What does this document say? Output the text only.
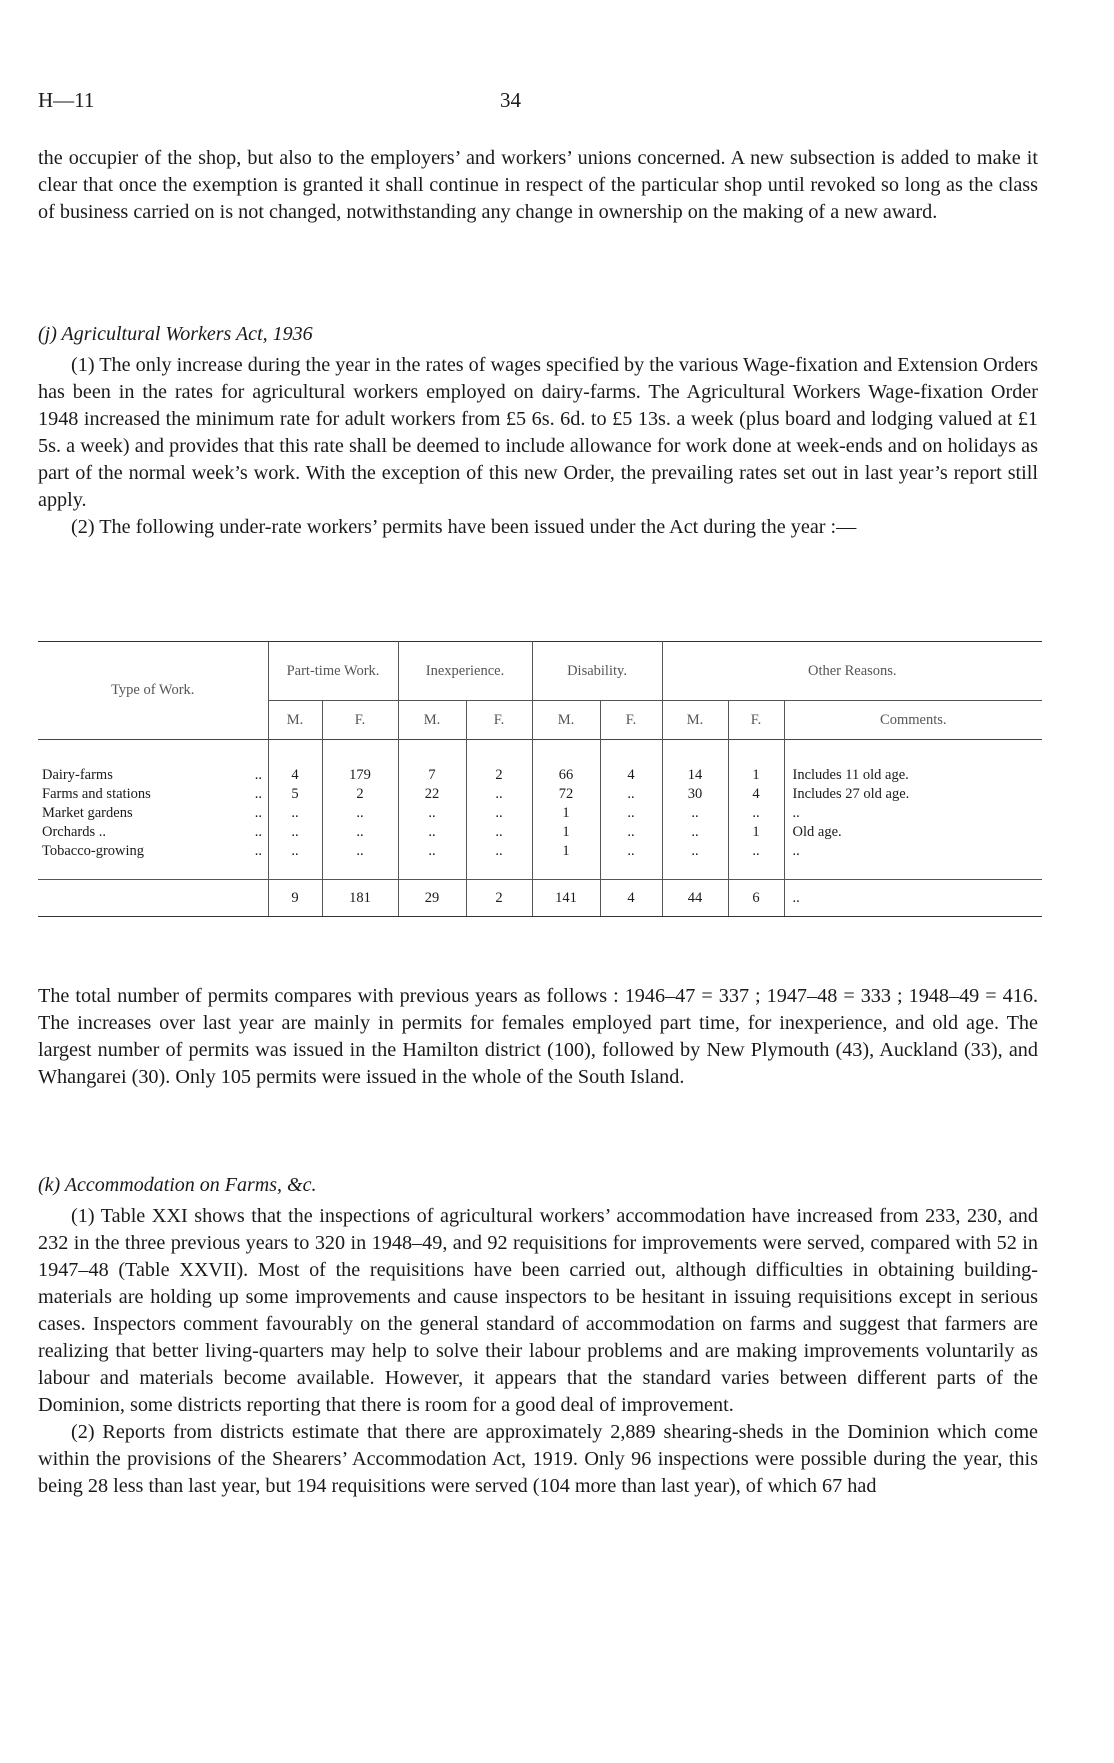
H—11	34

the occupier of the shop, but also to the employers’ and workers’ unions concerned. A new subsection is added to make it clear that once the exemption is granted it shall continue in respect of the particular shop until revoked so long as the class of business carried on is not changed, notwithstanding any change in ownership on the making of a new award.

(j) Agricultural Workers Act, 1936

(1) The only increase during the year in the rates of wages specified by the various Wage-fixation and Extension Orders has been in the rates for agricultural workers employed on dairy-farms. The Agricultural Workers Wage-fixation Order 1948 increased the minimum rate for adult workers from £5 6s. 6d. to £5 13s. a week (plus board and lodging valued at £1 5s. a week) and provides that this rate shall be deemed to include allowance for work done at week-ends and on holidays as part of the normal week’s work. With the exception of this new Order, the prevailing rates set out in last year’s report still apply.

(2) The following under-rate workers’ permits have been issued under the Act during the year :—

Type of Work.	Part-time Work.		Inexperience.		Disability.		Other Reasons.		
	M.	F.	M.	F.	M.	F.	M.	F.	Comments.

Dairy-farms ..	4	179	7	2	66	4	14	1	Includes 11 old age.
Farms and stations ..	5	2	22	..	72	..	30	4	Includes 27 old age.
Market gardens ..	..	..	..	..	1	..	..	..	..
Orchards .. ..	..	..	..	..	1	..	..	1	Old age.
Tobacco-growing ..	..	..	..	..	1	..	..	..	..

	9	181	29	2	141	4	44	6	..

The total number of permits compares with previous years as follows : 1946–47 = 337 ; 1947–48 = 333 ; 1948–49 = 416. The increases over last year are mainly in permits for females employed part time, for inexperience, and old age. The largest number of permits was issued in the Hamilton district (100), followed by New Plymouth (43), Auckland (33), and Whangarei (30). Only 105 permits were issued in the whole of the South Island.

(k) Accommodation on Farms, &c.

(1) Table XXI shows that the inspections of agricultural workers’ accommodation have increased from 233, 230, and 232 in the three previous years to 320 in 1948–49, and 92 requisitions for improvements were served, compared with 52 in 1947–48 (Table XXVII). Most of the requisitions have been carried out, although difficulties in obtaining building-materials are holding up some improvements and cause inspectors to be hesitant in issuing requisitions except in serious cases. Inspectors comment favourably on the general standard of accommodation on farms and suggest that farmers are realizing that better living-quarters may help to solve their labour problems and are making improvements voluntarily as labour and materials become available. However, it appears that the standard varies between different parts of the Dominion, some districts reporting that there is room for a good deal of improvement.

(2) Reports from districts estimate that there are approximately 2,889 shearing-sheds in the Dominion which come within the provisions of the Shearers’ Accommodation Act, 1919. Only 96 inspections were possible during the year, this being 28 less than last year, but 194 requisitions were served (104 more than last year), of which 67 had
